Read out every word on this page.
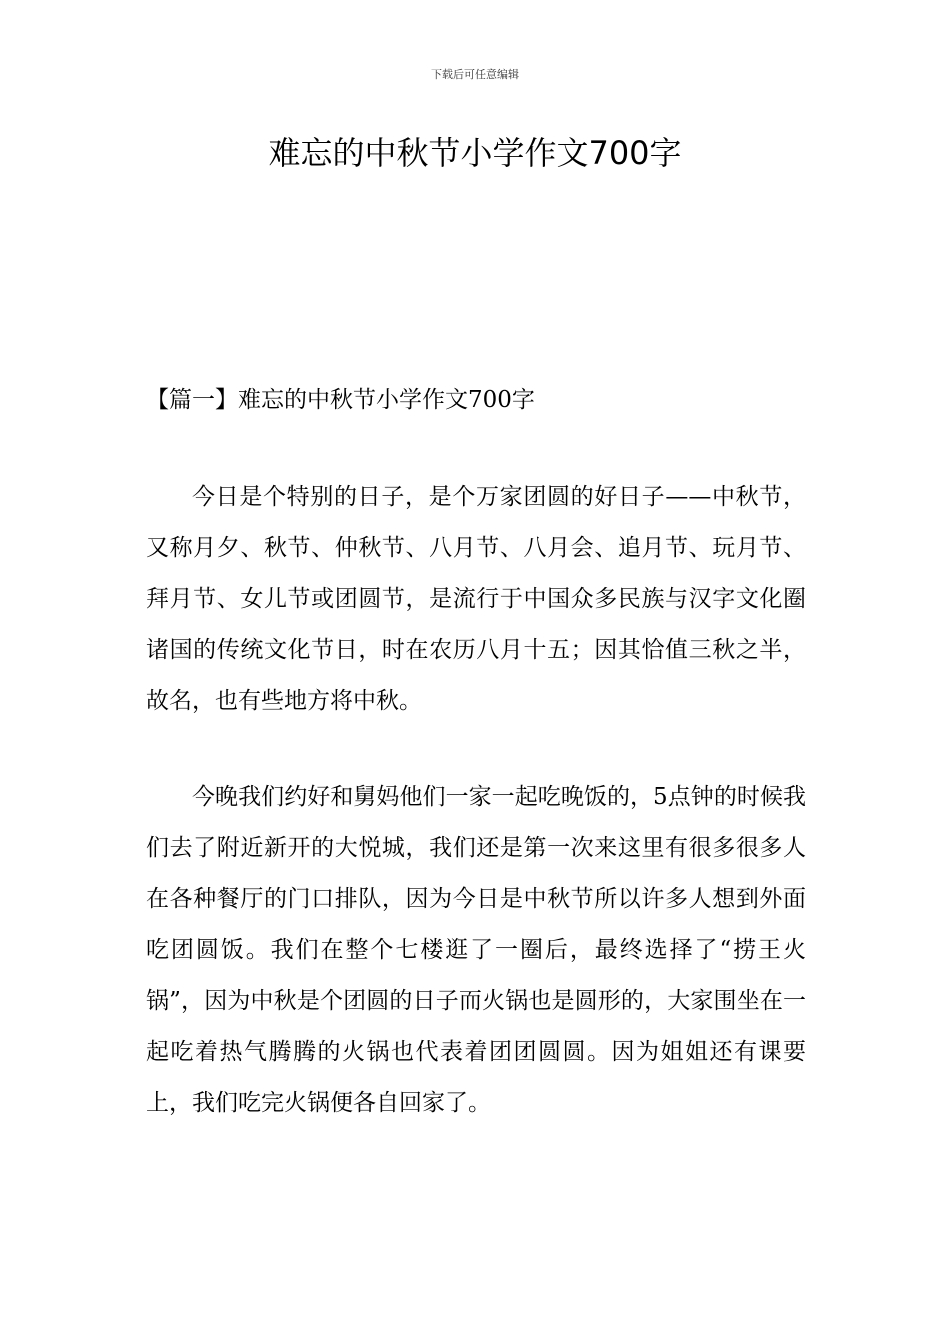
下载后可任意编辑
难忘的中秋节小学作文700字
【篇一】难忘的中秋节小学作文700字

今日是个特别的日子，是个万家团圆的好日子——中秋节，又称月夕、秋节、仲秋节、八月节、八月会、追月节、玩月节、拜月节、女儿节或团圆节，是流行于中国众多民族与汉字文化圈诸国的传统文化节日，时在农历八月十五；因其恰值三秋之半，故名，也有些地方将中秋。

今晚我们约好和舅妈他们一家一起吃晚饭的，5点钟的时候我们去了附近新开的大悦城，我们还是第一次来这里有很多很多人在各种餐厅的门口排队，因为今日是中秋节所以许多人想到外面吃团圆饭。我们在整个七楼逛了一圈后，最终选择了“捞王火锅”，因为中秋是个团圆的日子而火锅也是圆形的，大家围坐在一起吃着热气腾腾的火锅也代表着团团圆圆。因为姐姐还有课要上，我们吃完火锅便各自回家了。
